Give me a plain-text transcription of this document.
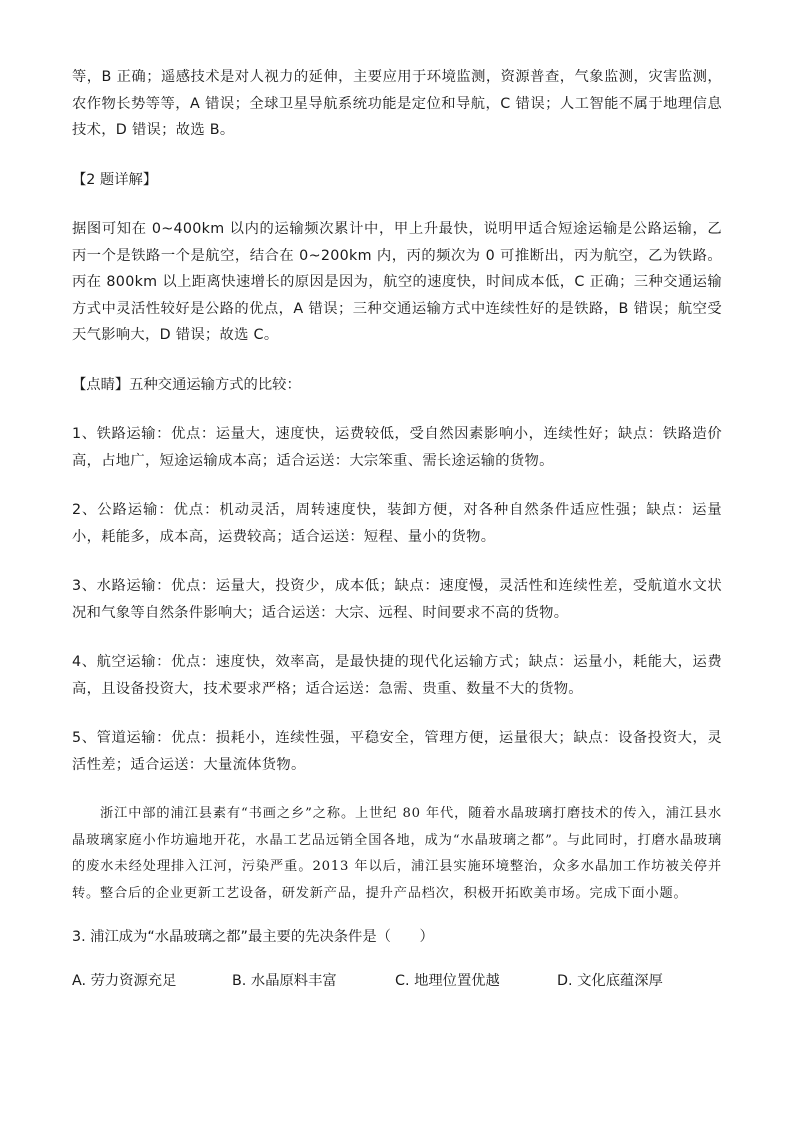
等，B 正确；遥感技术是对人视力的延伸，主要应用于环境监测，资源普查，气象监测，灾害监测，农作物长势等等，A 错误；全球卫星导航系统功能是定位和导航，C 错误；人工智能不属于地理信息技术，D 错误；故选 B。

【2 题详解】

据图可知在 0~400km 以内的运输频次累计中，甲上升最快，说明甲适合短途运输是公路运输，乙丙一个是铁路一个是航空，结合在 0~200km 内，丙的频次为 0 可推断出，丙为航空，乙为铁路。丙在 800km 以上距离快速增长的原因是因为，航空的速度快，时间成本低，C 正确；三种交通运输方式中灵活性较好是公路的优点，A 错误；三种交通运输方式中连续性好的是铁路，B 错误；航空受天气影响大，D 错误；故选 C。

【点睛】五种交通运输方式的比较：

1、铁路运输：优点：运量大，速度快，运费较低，受自然因素影响小，连续性好；缺点：铁路造价高，占地广，短途运输成本高；适合运送：大宗笨重、需长途运输的货物。

2、公路运输：优点：机动灵活，周转速度快，装卸方便，对各种自然条件适应性强；缺点：运量小，耗能多，成本高，运费较高；适合运送：短程、量小的货物。

3、水路运输：优点：运量大，投资少，成本低；缺点：速度慢，灵活性和连续性差，受航道水文状况和气象等自然条件影响大；适合运送：大宗、远程、时间要求不高的货物。

4、航空运输：优点：速度快，效率高，是最快捷的现代化运输方式；缺点：运量小，耗能大，运费高，且设备投资大，技术要求严格；适合运送：急需、贵重、数量不大的货物。

5、管道运输：优点：损耗小，连续性强，平稳安全，管理方便，运量很大；缺点：设备投资大，灵活性差；适合运送：大量流体货物。

浙江中部的浦江县素有“书画之乡”之称。上世纪 80 年代，随着水晶玻璃打磨技术的传入，浦江县水晶玻璃家庭小作坊遍地开花，水晶工艺品远销全国各地，成为“水晶玻璃之都”。与此同时，打磨水晶玻璃的废水未经处理排入江河，污染严重。2013 年以后，浦江县实施环境整治，众多水晶加工作坊被关停并转。整合后的企业更新工艺设备，研发新产品，提升产品档次，积极开拓欧美市场。完成下面小题。

3. 浦江成为“水晶玻璃之都”最主要的先决条件是（　　）
A. 劳力资源充足	B. 水晶原料丰富	C. 地理位置优越	D. 文化底蕴深厚
